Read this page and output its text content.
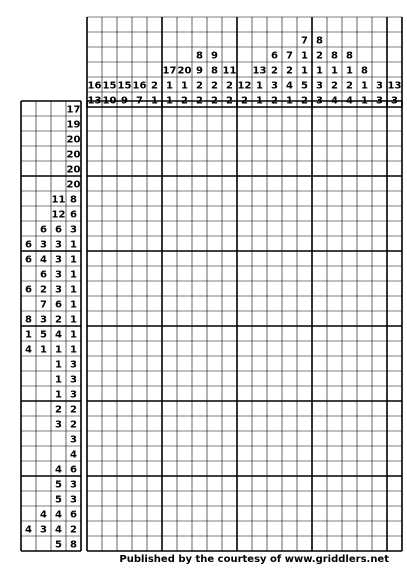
16
13
15
10
15
9
16
7
2
1
17
1
1
20
1
2
8
9
2
2
9
8
2
2
11
2
2
12
2
13
1
1
6
2
3
2
7
2
4
1
7
1
1
5
2
8
2
1
3
3
8
1
2
4
8
1
2
4
8
1
1
3
3
13
3
17
19
20
20
20
20
11 8
12 6
6 6 3
6 3 3 1
6 4 3 1
6 3 1
6 2 3 1
7 6 1
8 3 2 1
1 5 4 1
4 1 1 1
1 3
1 3
1 3
2 2
3 2
3
4
4 6
5 3
5 3
4 4 6
4 3 4 2
5 8
Published by the courtesy of www.griddlers.net
